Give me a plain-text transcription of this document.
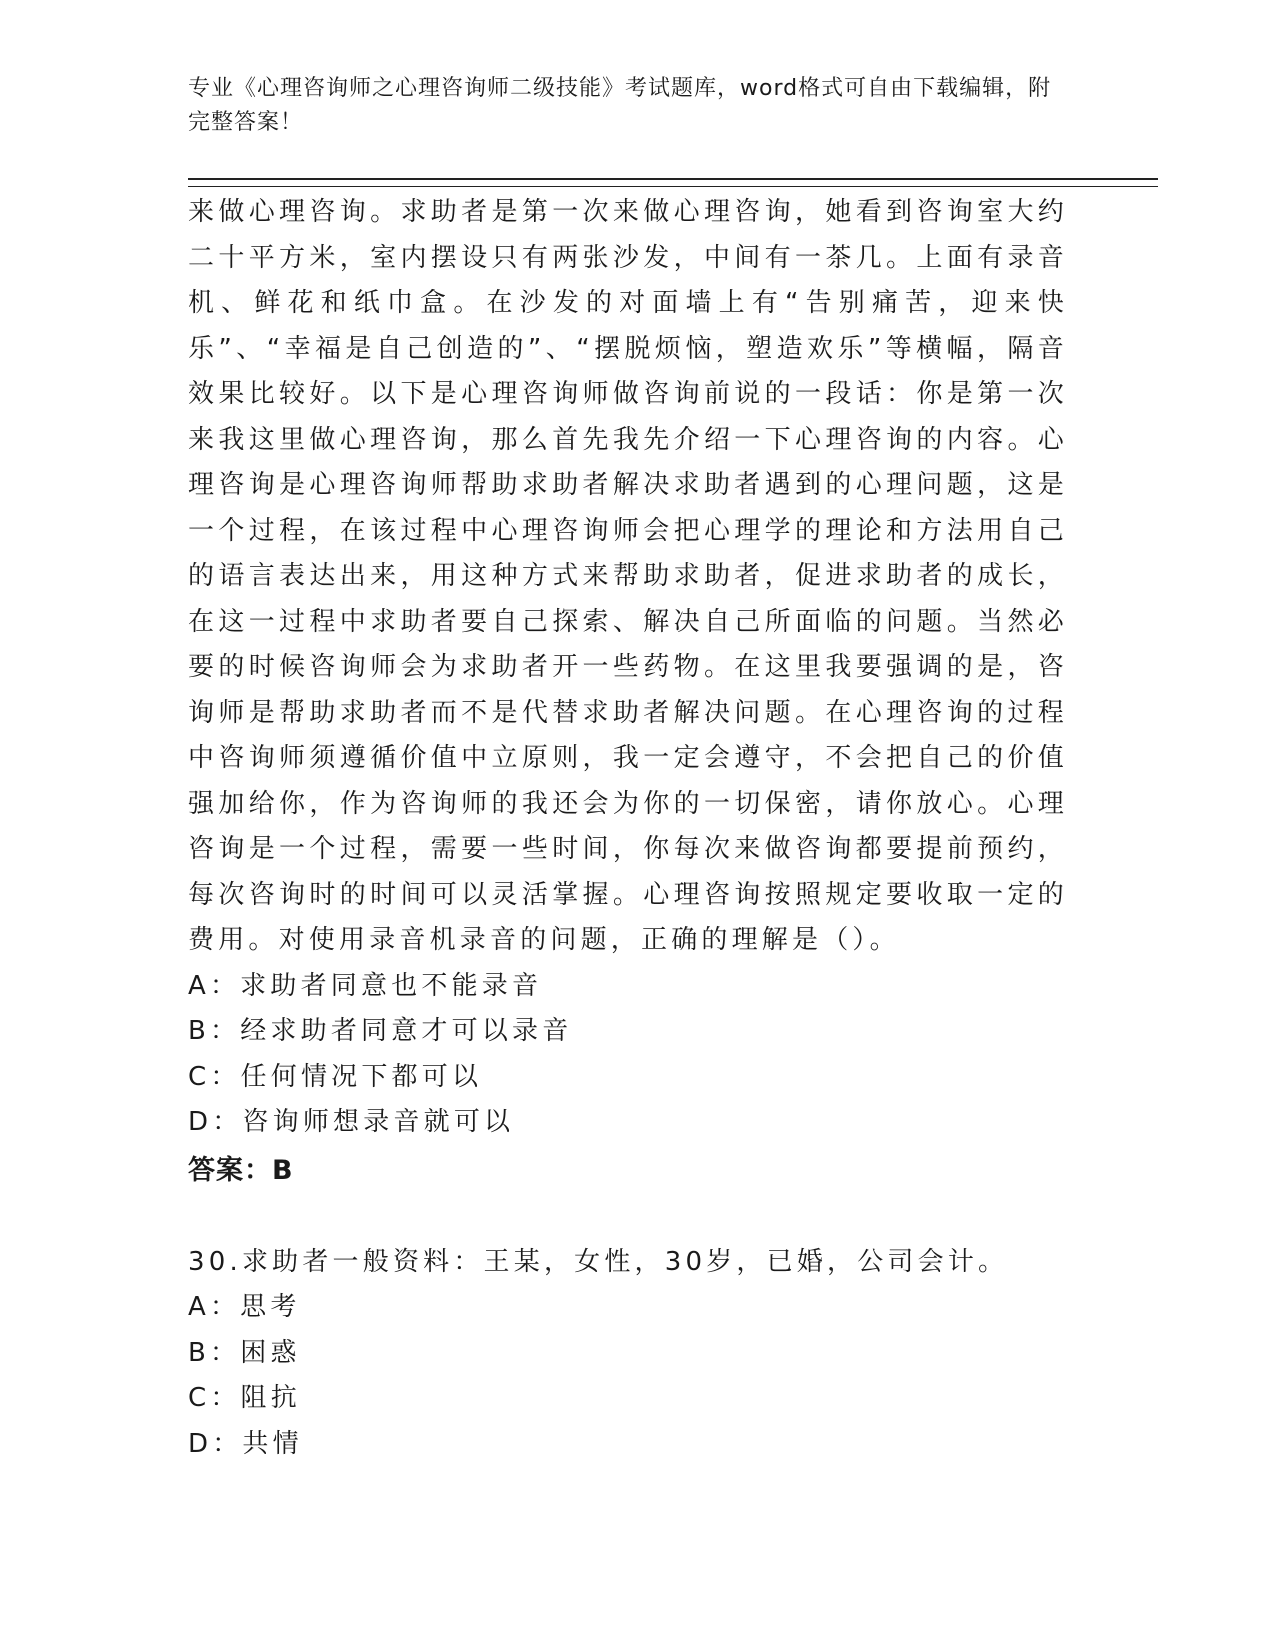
专业《心理咨询师之心理咨询师二级技能》考试题库，word格式可自由下载编辑，附完整答案！

来做心理咨询。求助者是第一次来做心理咨询，她看到咨询室大约二十平方米，室内摆设只有两张沙发，中间有一茶几。上面有录音机、鲜花和纸巾盒。在沙发的对面墙上有“告别痛苦，迎来快乐”、“幸福是自己创造的”、“摆脱烦恼，塑造欢乐”等横幅，隔音效果比较好。以下是心理咨询师做咨询前说的一段话：你是第一次来我这里做心理咨询，那么首先我先介绍一下心理咨询的内容。心理咨询是心理咨询师帮助求助者解决求助者遇到的心理问题，这是一个过程，在该过程中心理咨询师会把心理学的理论和方法用自己的语言表达出来，用这种方式来帮助求助者，促进求助者的成长，在这一过程中求助者要自己探索、解决自己所面临的问题。当然必要的时候咨询师会为求助者开一些药物。在这里我要强调的是，咨询师是帮助求助者而不是代替求助者解决问题。在心理咨询的过程中咨询师须遵循价值中立原则，我一定会遵守，不会把自己的价值强加给你，作为咨询师的我还会为你的一切保密，请你放心。心理咨询是一个过程，需要一些时间，你每次来做咨询都要提前预约，每次咨询时的时间可以灵活掌握。心理咨询按照规定要收取一定的费用。对使用录音机录音的问题，正确的理解是（）。

A：求助者同意也不能录音
B：经求助者同意才可以录音
C：任何情况下都可以
D：咨询师想录音就可以
答案：B

30.求助者一般资料：王某，女性，30岁，已婚，公司会计。

A：思考
B：困惑
C：阻抗
D：共情
